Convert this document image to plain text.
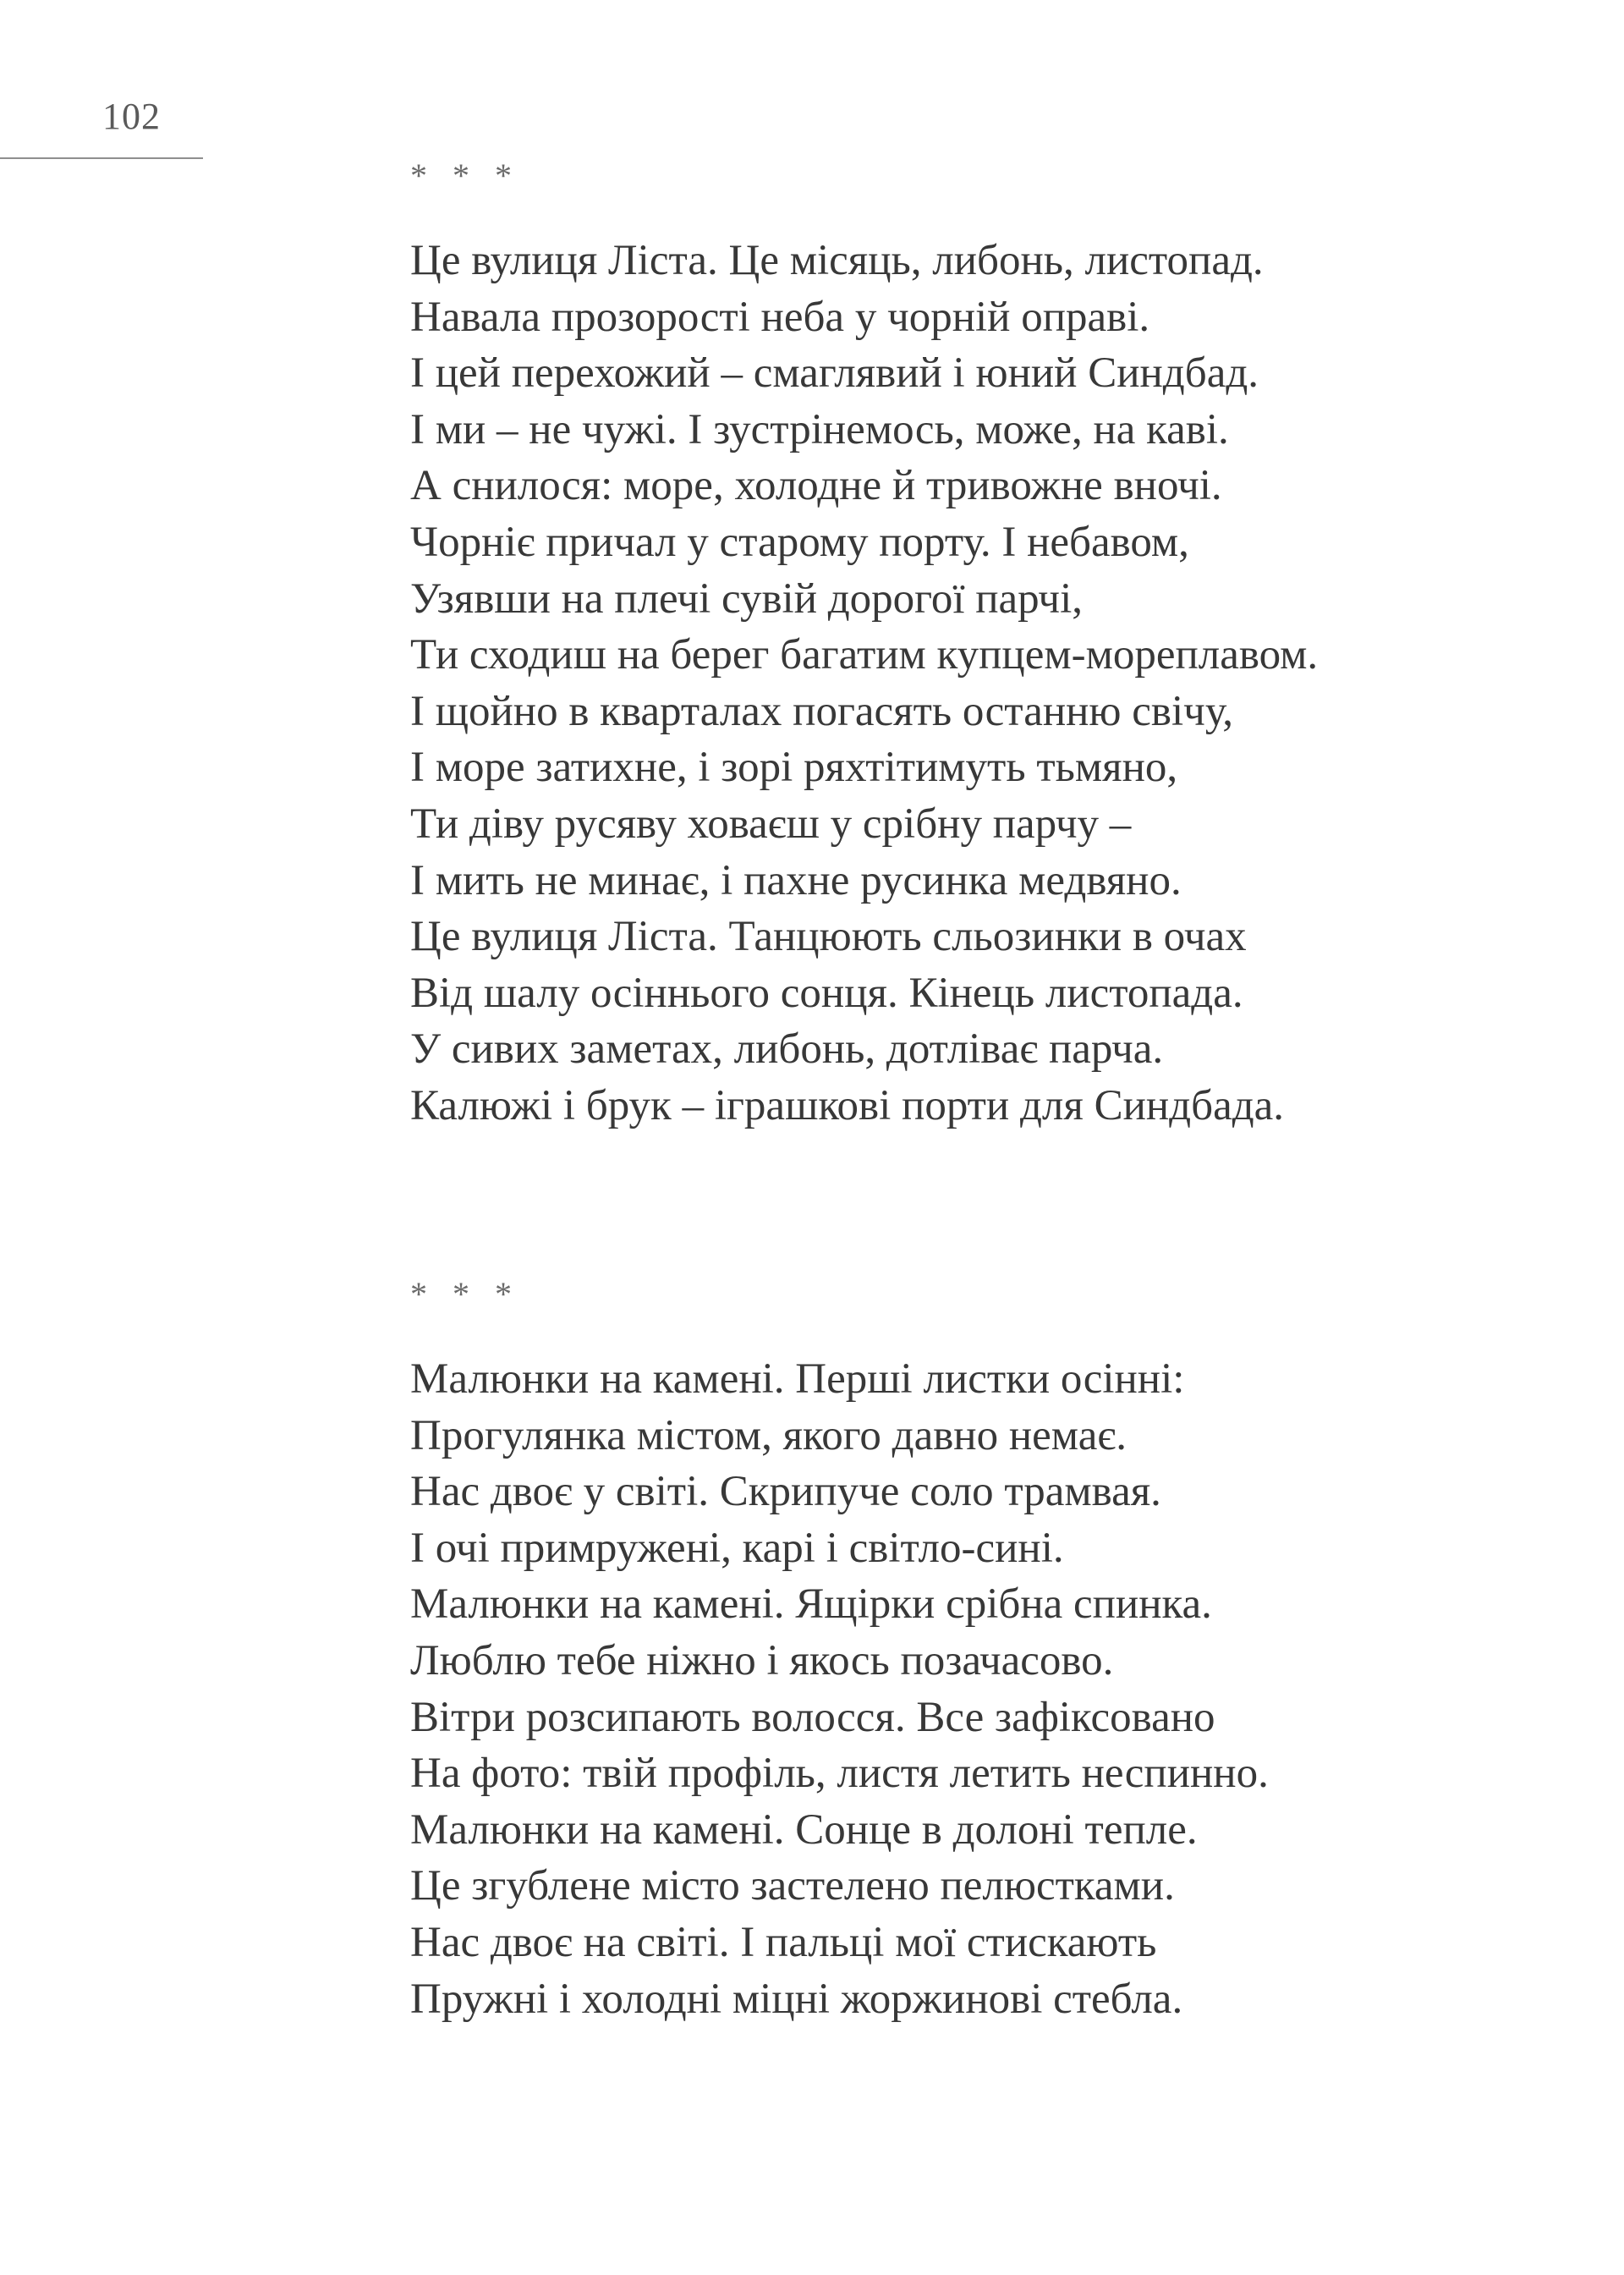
102
* * *
Це вулиця Ліста. Це місяць, либонь, листопад.
Навала прозорості неба у чорній оправі.
І цей перехожий – смаглявий і юний Синдбад.
І ми – не чужі. І зустрінемось, може, на каві.
А снилося: море, холодне й тривожне вночі.
Чорніє причал у старому порту. І небавом,
Узявши на плечі сувій дорогої парчі,
Ти сходиш на берег багатим купцем-мореплавом.
І щойно в кварталах погасять останню свічу,
І море затихне, і зорі ряхтітимуть тьмяно,
Ти діву русяву ховаєш у срібну парчу –
І мить не минає, і пахне русинка медвяно.
Це вулиця Ліста. Танцюють сльозинки в очах
Від шалу осіннього сонця. Кінець листопада.
У сивих заметах, либонь, дотліває парча.
Калюжі і брук – іграшкові порти для Синдбада.
* * *
Малюнки на камені. Перші листки осінні:
Прогулянка містом, якого давно немає.
Нас двоє у світі. Скрипуче соло трамвая.
І очі примружені, карі і світло-сині.
Малюнки на камені. Ящірки срібна спинка.
Люблю тебе ніжно і якось позачасово.
Вітри розсипають волосся. Все зафіксовано
На фото: твій профіль, листя летить неспинно.
Малюнки на камені. Сонце в долоні тепле.
Це згублене місто застелено пелюстками.
Нас двоє на світі. І пальці мої стискають
Пружні і холодні міцні жоржинові стебла.
